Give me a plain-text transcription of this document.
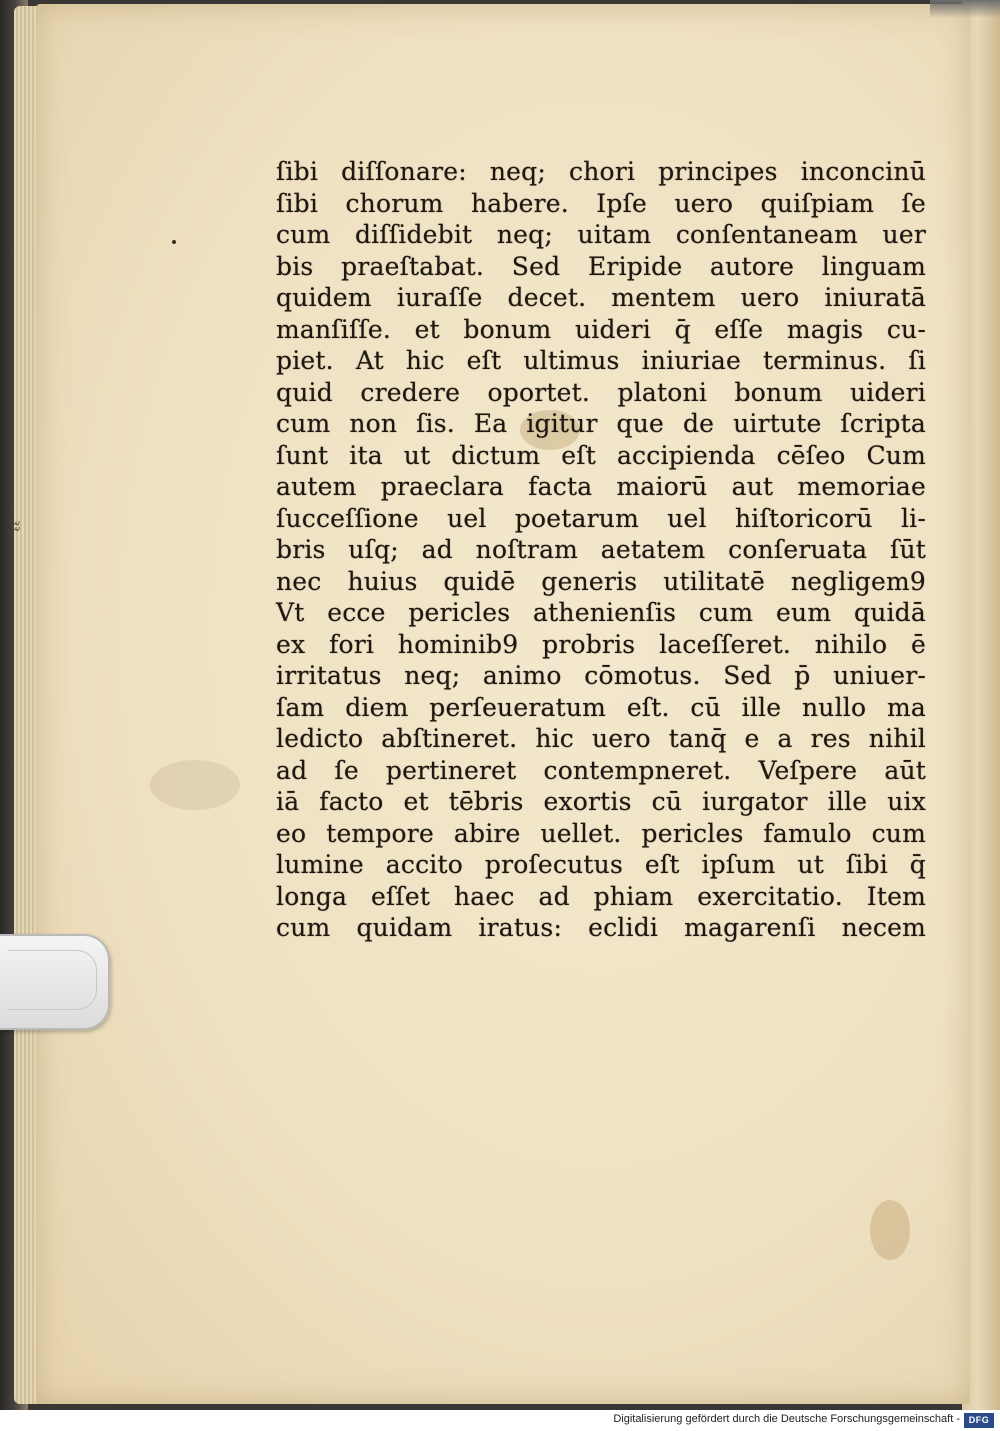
ꝛꝛ
ſibi diſſonare: neq; chori principes inconcinū
ſibi chorum habere. Ipſe uero quiſpiam ſe
cum diſſidebit neq; uitam conſentaneam uer
bis praeſtabat. Sed Eripide autore linguam
quidem iuraſſe decet. mentem uero iniuratā
manſiſſe. et bonum uideri q̄ eſſe magis cu-
piet. At hic eſt ultimus iniuriae terminus. ſi
quid credere oportet. platoni bonum uideri
cum non ſis. Ea igitur que de uirtute ſcripta
ſunt ita ut dictum eſt accipienda cēſeo Cum
autem praeclara facta maiorū aut memoriae
ſucceſſione uel poetarum uel hiſtoricorū li-
bris uſq; ad noſtram aetatem conſeruata ſūt
nec huius quidē generis utilitatē negligem9
Vt ecce pericles athenienſis cum eum quidā
ex fori hominib9 probris laceſſeret. nihilo ē
irritatus neq; animo cōmotus. Sed p̄ uniuer-
ſam diem perſeueratum eſt. cū ille nullo ma
ledicto abſtineret. hic uero tanq̄ e a res nihil
ad ſe pertineret contempneret. Veſpere aūt
iā facto et tēbris exortis cū iurgator ille uix
eo tempore abire uellet. pericles famulo cum
lumine accito proſecutus eſt ipſum ut ſibi q̄
longa eſſet haec ad phiam exercitatio. Item
cum quidam iratus: eclidi magarenſi necem
Digitalisierung gefördert durch die Deutsche Forschungsgemeinschaft - DFG
